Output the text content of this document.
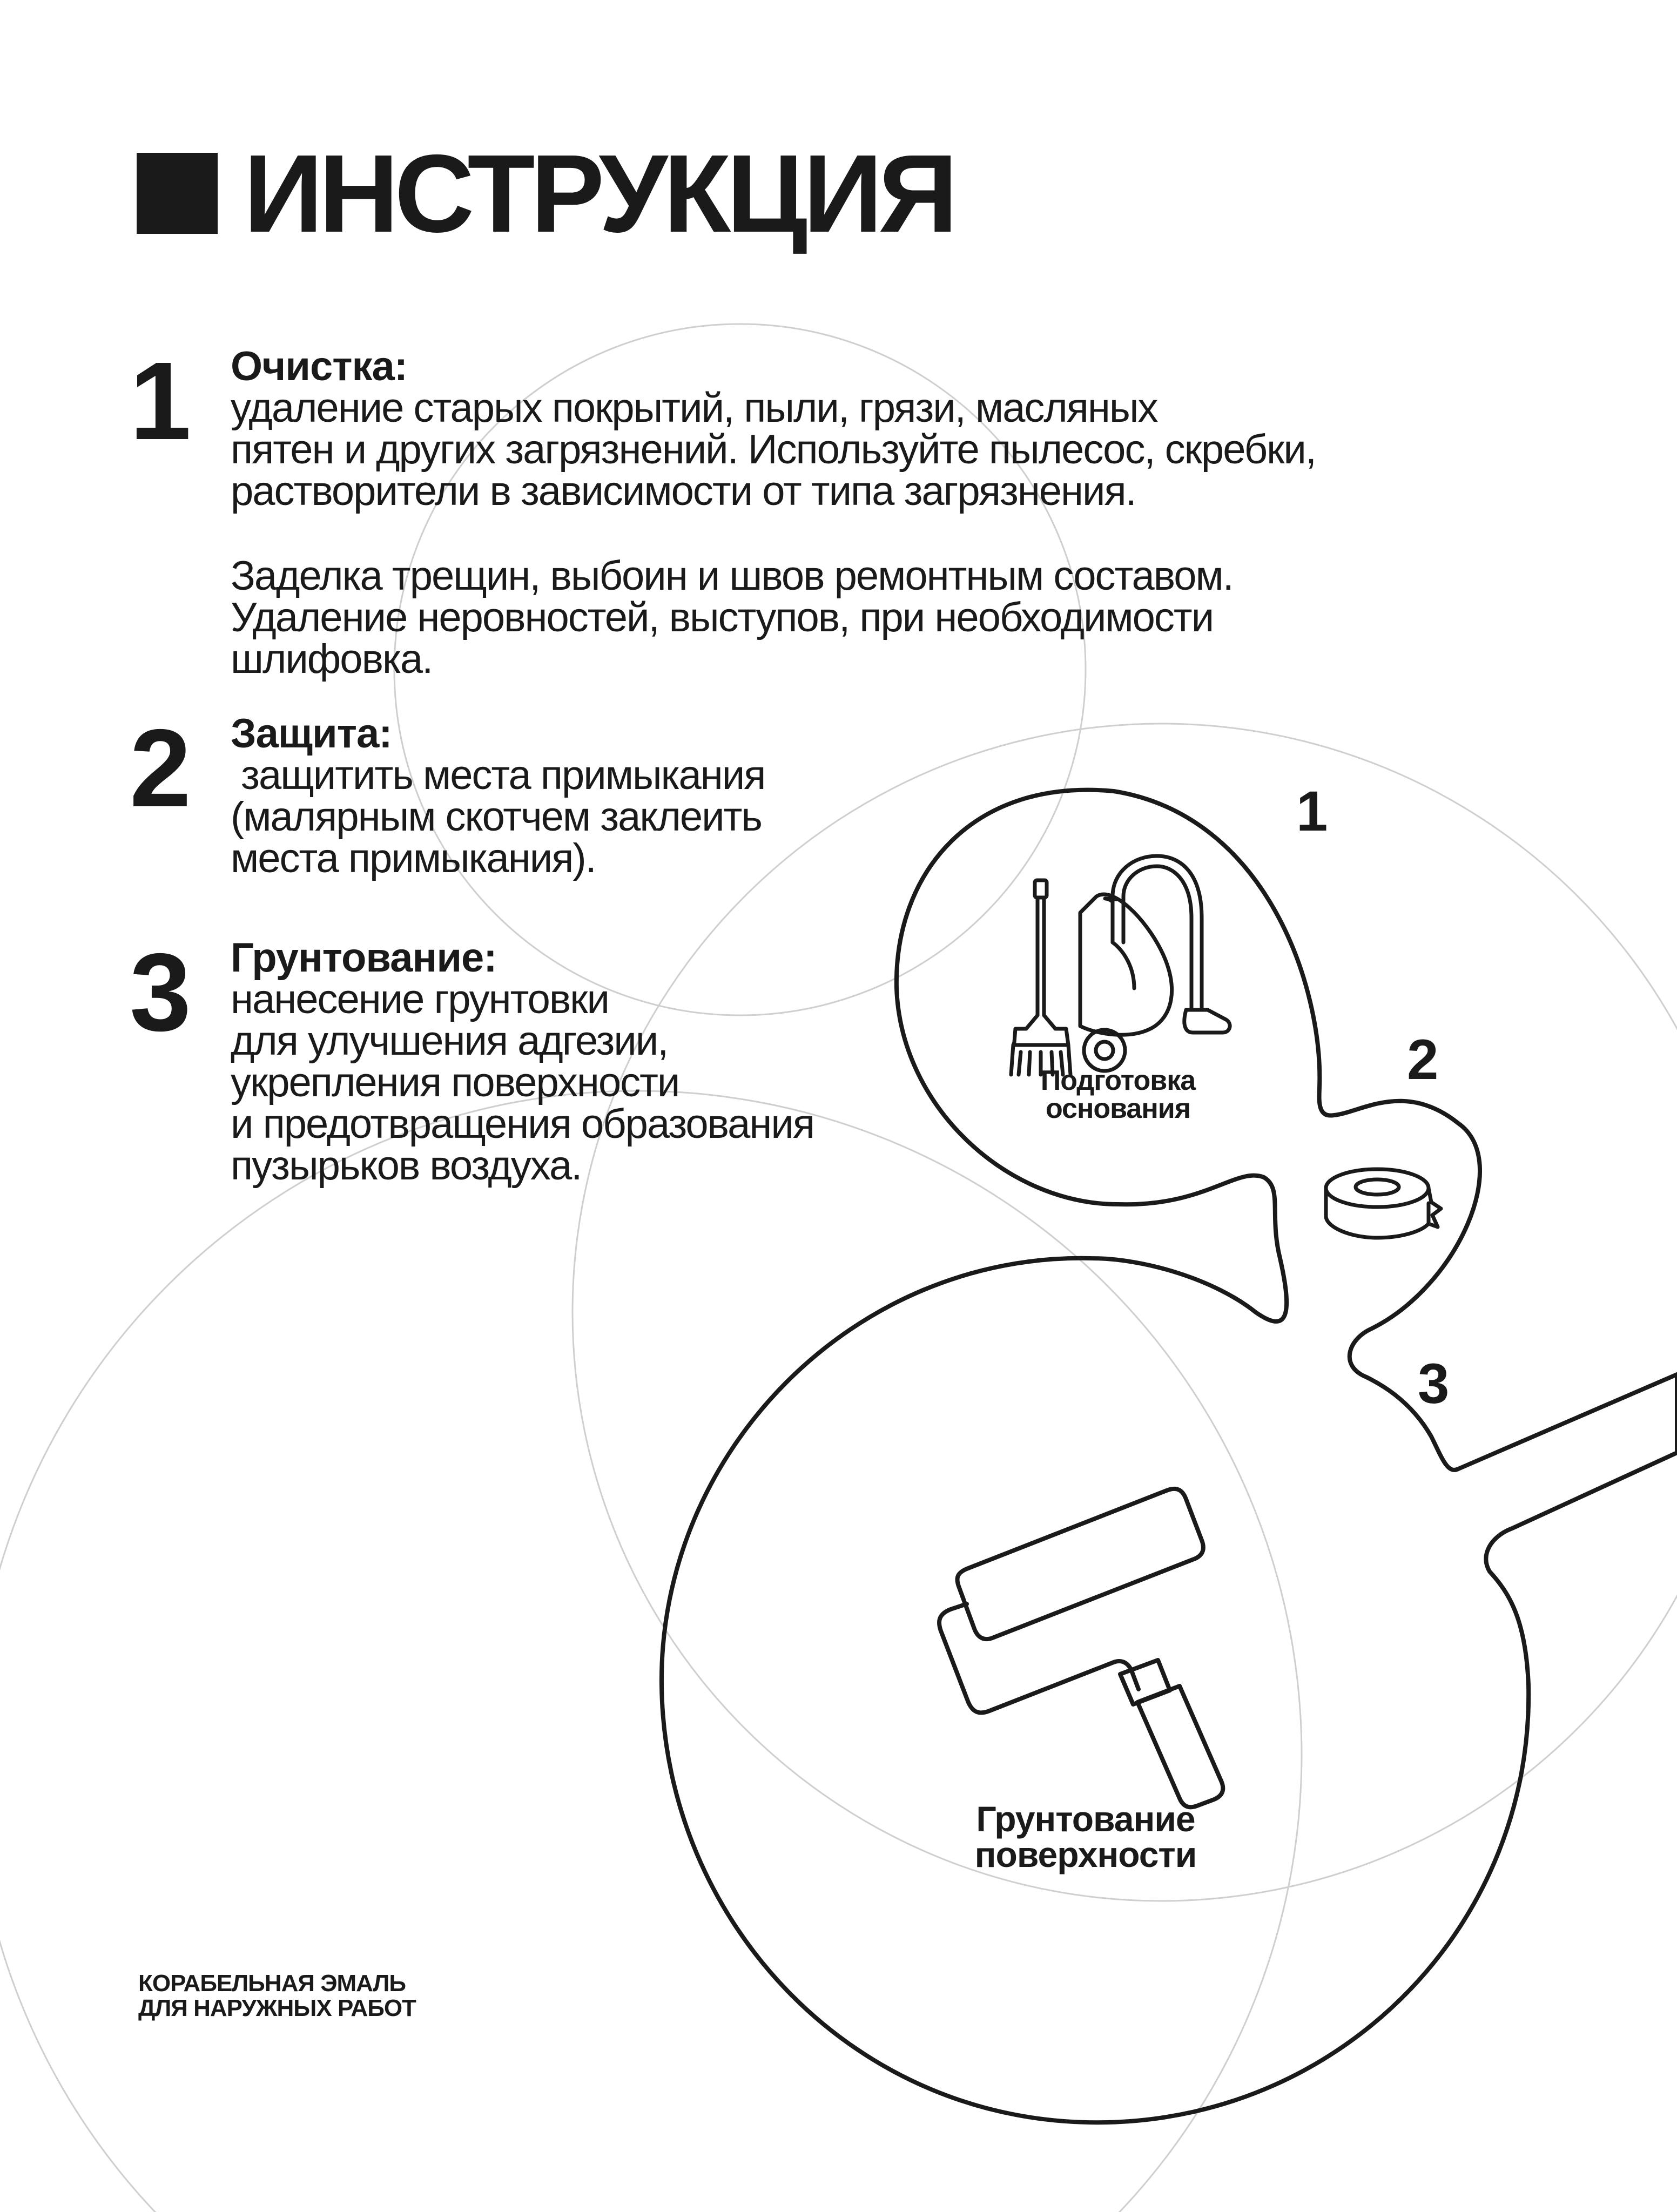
ИНСТРУКЦИЯ
1 Очистка:
удаление старых покрытий, пыли, грязи, масляных
пятен и других загрязнений. Используйте пылесос, скребки,
растворители в зависимости от типа загрязнения.
Заделка трещин, выбоин и швов ремонтным составом.
Удаление неровностей, выступов, при необходимости
шлифовка.
2 Защита:
защитить места примыкания
(малярным скотчем заклеить
места примыкания).
3 Грунтование:
нанесение грунтовки
для улучшения адгезии,
укрепления поверхности
и предотвращения образования
пузырьков воздуха.
1
2
3
Подготовка
основания
Грунтование
поверхности
КОРАБЕЛЬНАЯ ЭМАЛЬ
ДЛЯ НАРУЖНЫХ РАБОТ
